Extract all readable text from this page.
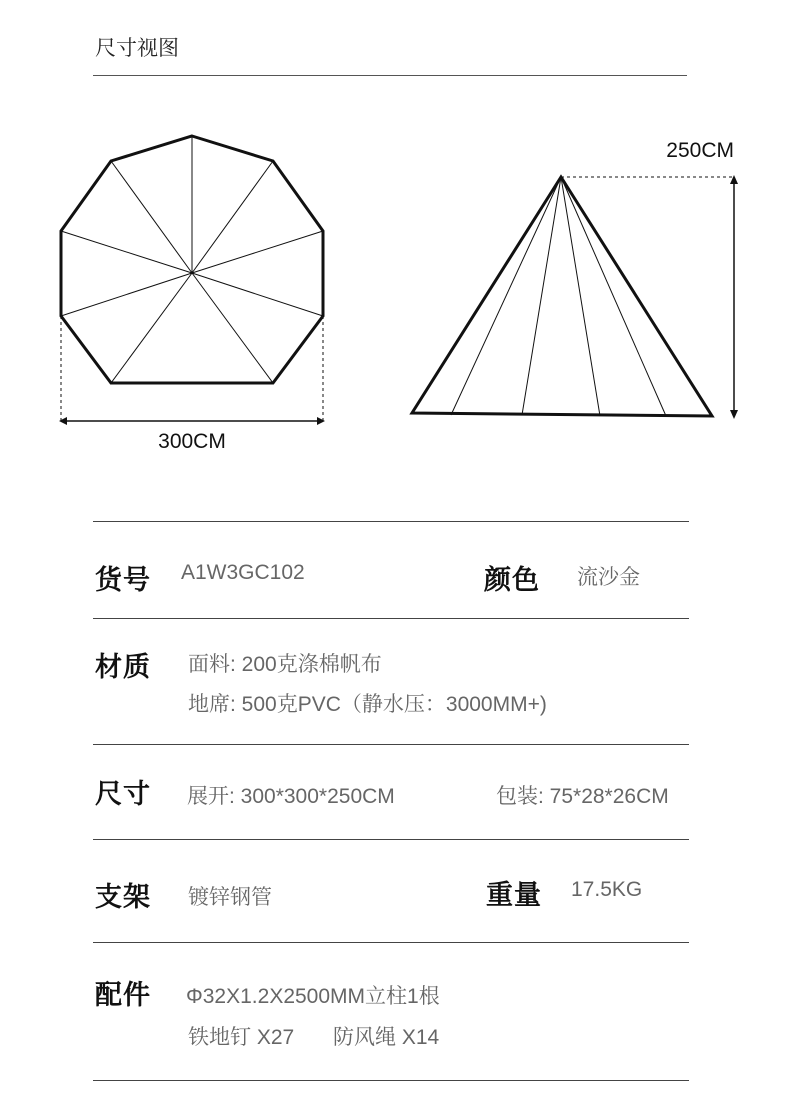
尺寸视图
300CM
250CM
货号 A1W3GC102	颜色 流沙金
材质 面料: 200克涤棉帆布
地席: 500克PVC（静水压：3000MM+)
尺寸 展开: 300*300*250CM	包装: 75*28*26CM
支架 镀锌钢管	重量 17.5KG
配件 Φ32X1.2X2500MM立柱1根
铁地钉 X27 防风绳 X14
